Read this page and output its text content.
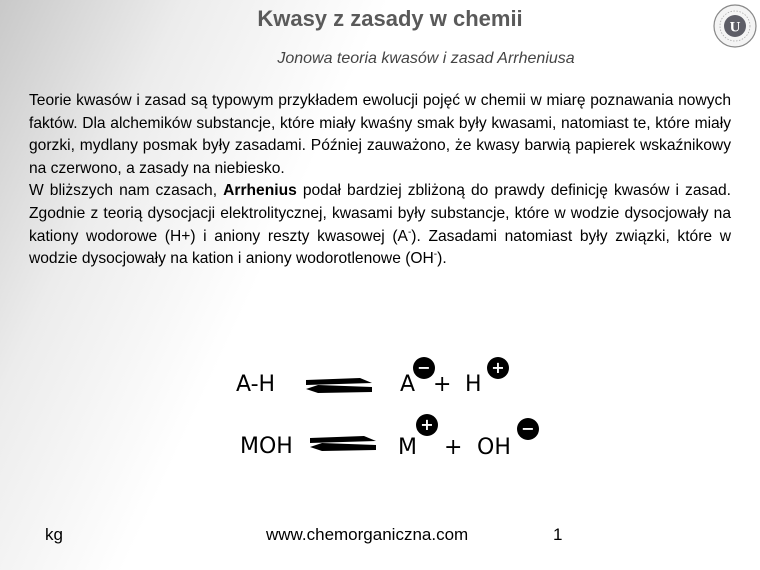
Kwasy z zasady w chemii
Jonowa teoria kwasów i zasad Arrheniusa
U

Teorie kwasów i zasad są typowym przykładem ewolucji pojęć w chemii w miarę poznawania nowych faktów. Dla alchemików substancje, które miały kwaśny smak były kwasami, natomiast te, które miały gorzki, mydlany posmak były zasadami. Później zauważono, że kwasy barwią papierek wskaźnikowy na czerwono, a zasady na niebiesko.

W bliższych nam czasach, Arrhenius podał bardziej zbliżoną do prawdy definicję kwasów i zasad. Zgodnie z teorią dysocjacji elektrolitycznej, kwasami były substancje, które w wodzie dysocjowały na kationy wodorowe (H+) i aniony reszty kwasowej (A-). Zasadami natomiast były związki, które w wodzie dysocjowały na kation i aniony wodorotlenowe (OH-).

A-H	A + H
−	+
MOH	M + OH
+	−
kg	www.chemorganiczna.com	1
